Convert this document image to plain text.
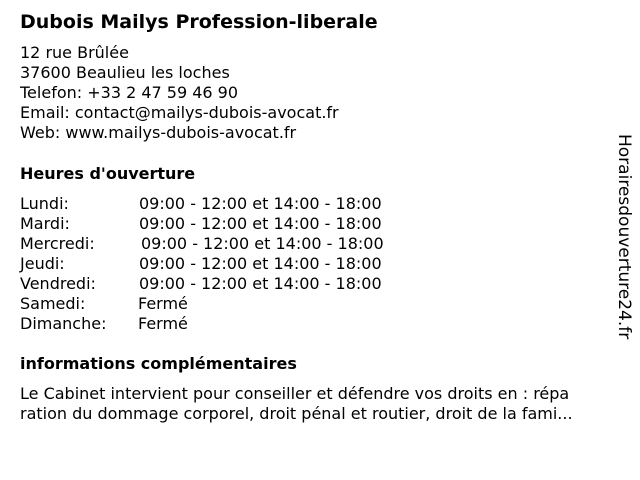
Dubois Mailys Profession-liberale
12 rue Brûlée
37600 Beaulieu les loches
Telefon: +33 2 47 59 46 90
Email: contact@mailys-dubois-avocat.fr
Web: www.mailys-dubois-avocat.fr
Heures d'ouverture
Lundi:	09:00 - 12:00 et 14:00 - 18:00
Mardi:	09:00 - 12:00 et 14:00 - 18:00
Mercredi:	09:00 - 12:00 et 14:00 - 18:00
Jeudi:	09:00 - 12:00 et 14:00 - 18:00
Vendredi:	09:00 - 12:00 et 14:00 - 18:00
Samedi:	Fermé
Dimanche: Fermé
informations complémentaires
Le Cabinet intervient pour conseiller et défendre vos droits en : répa
ration du dommage corporel, droit pénal et routier, droit de la fami...
Horairesdouverture24.fr
